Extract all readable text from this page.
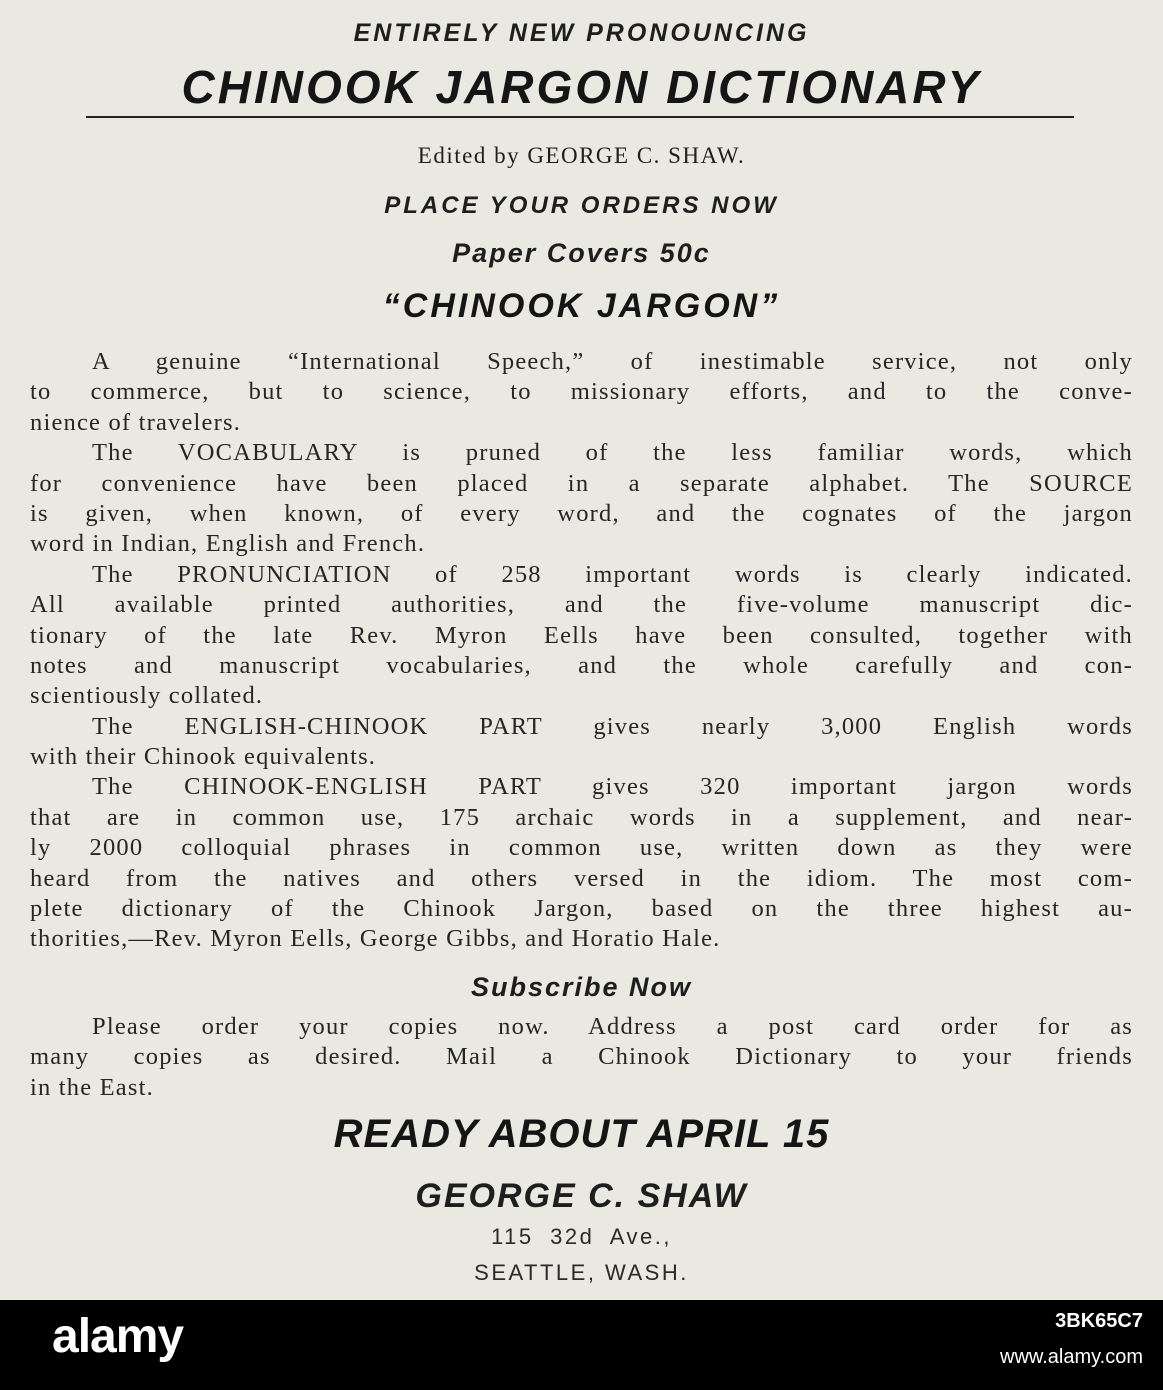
ENTIRELY NEW PRONOUNCING
CHINOOK JARGON DICTIONARY
Edited by GEORGE C. SHAW.
PLACE YOUR ORDERS NOW
Paper Covers 50c
“CHINOOK JARGON”
A genuine “International Speech,” of inestimable service, not only
to commerce, but to science, to missionary efforts, and to the conve-
nience of travelers.
The VOCABULARY is pruned of the less familiar words, which
for convenience have been placed in a separate alphabet. The SOURCE
is given, when known, of every word, and the cognates of the jargon
word in Indian, English and French.
The PRONUNCIATION of 258 important words is clearly indicated.
All available printed authorities, and the five-volume manuscript dic-
tionary of the late Rev. Myron Eells have been consulted, together with
notes and manuscript vocabularies, and the whole carefully and con-
scientiously collated.
The ENGLISH-CHINOOK PART gives nearly 3,000 English words
with their Chinook equivalents.
The CHINOOK-ENGLISH PART gives 320 important jargon words
that are in common use, 175 archaic words in a supplement, and near-
ly 2000 colloquial phrases in common use, written down as they were
heard from the natives and others versed in the idiom. The most com-
plete dictionary of the Chinook Jargon, based on the three highest au-
thorities,—Rev. Myron Eells, George Gibbs, and Horatio Hale.
Subscribe Now
Please order your copies now. Address a post card order for as
many copies as desired. Mail a Chinook Dictionary to your friends
in the East.
READY ABOUT APRIL 15
GEORGE C. SHAW
115 32d Ave.,
SEATTLE, WASH.
alamy	3BK65C7
www.alamy.com
